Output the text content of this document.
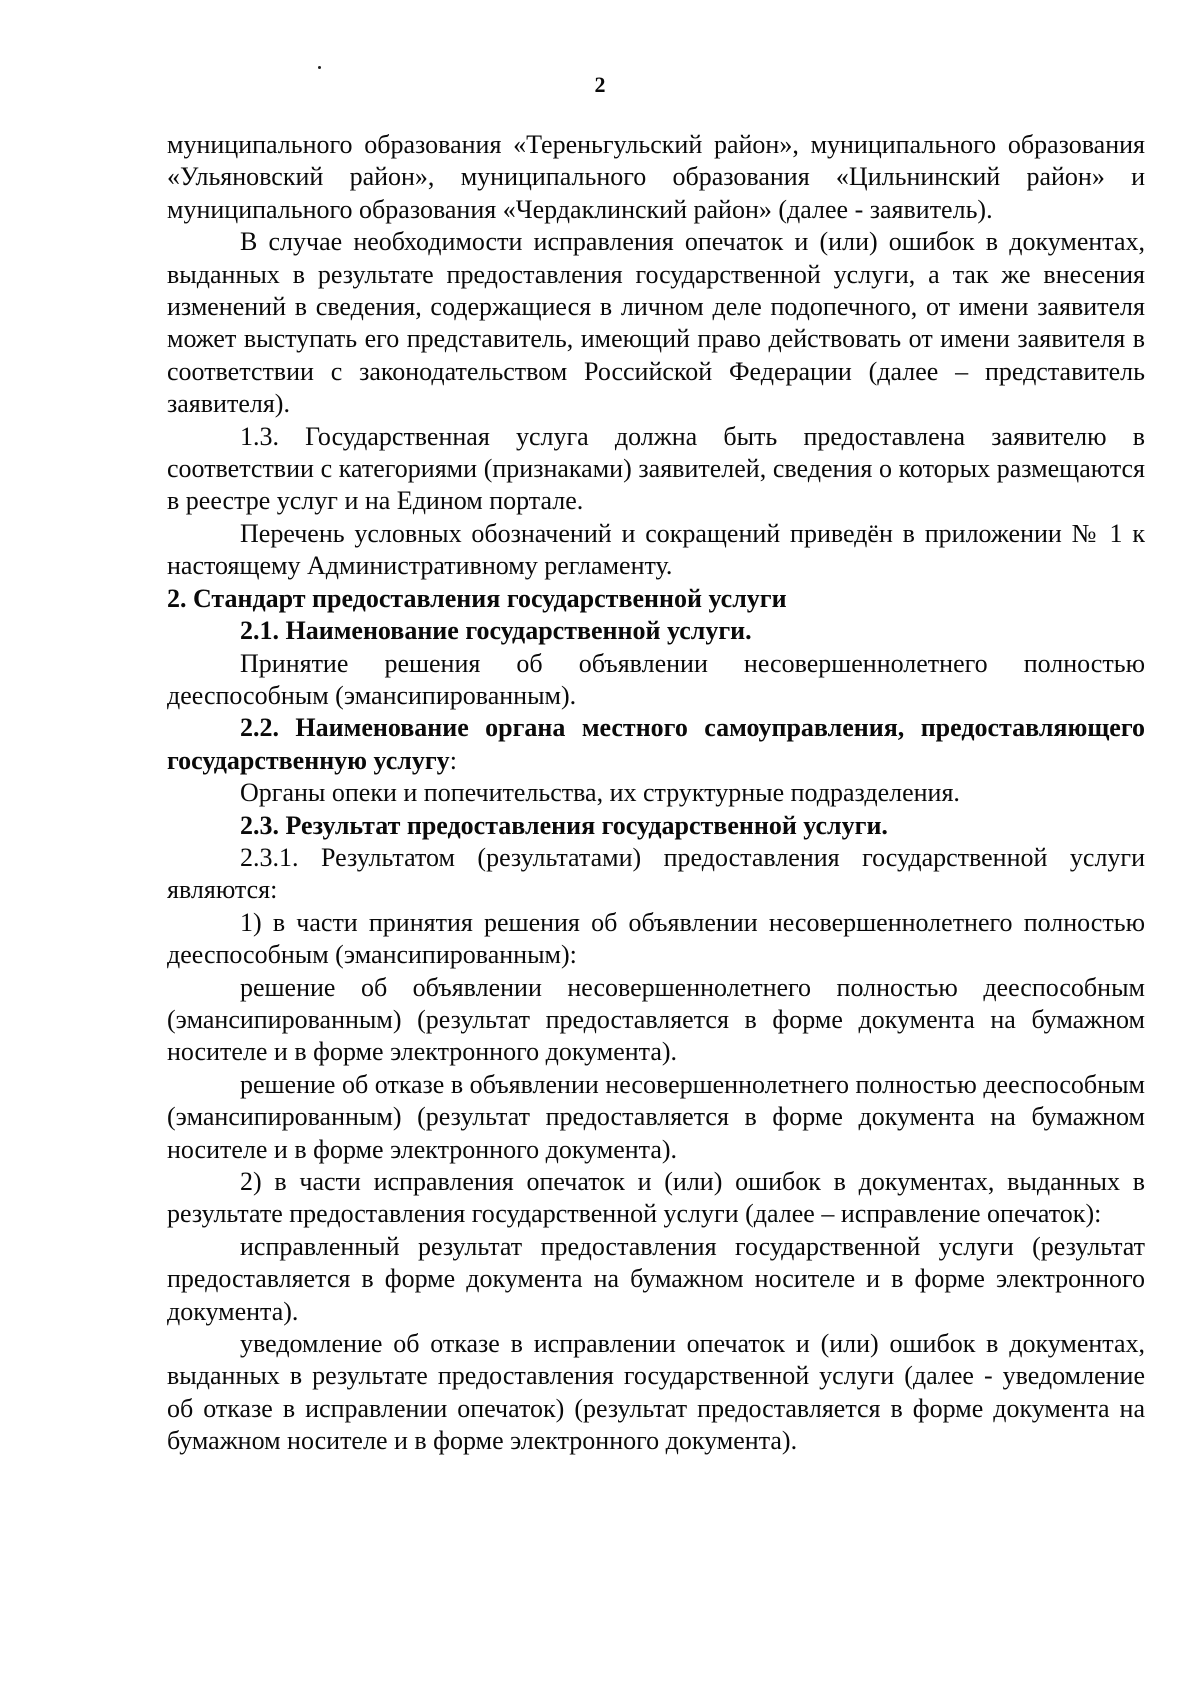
2

муниципального образования «Тереньгульский район», муниципального образования «Ульяновский район», муниципального образования «Цильнинский район» и муниципального образования «Чердаклинский район» (далее - заявитель).

В случае необходимости исправления опечаток и (или) ошибок в документах, выданных в результате предоставления государственной услуги, а так же внесения изменений в сведения, содержащиеся в личном деле подопечного, от имени заявителя может выступать его представитель, имеющий право действовать от имени заявителя в соответствии с законодательством Российской Федерации (далее – представитель заявителя).

1.3. Государственная услуга должна быть предоставлена заявителю в соответствии с категориями (признаками) заявителей, сведения о которых размещаются в реестре услуг и на Едином портале.

Перечень условных обозначений и сокращений приведён в приложении № 1 к настоящему Административному регламенту.

2. Стандарт предоставления государственной услуги

2.1. Наименование государственной услуги.

Принятие решения об объявлении несовершеннолетнего полностью дееспособным (эмансипированным).

2.2. Наименование органа местного самоуправления, предоставляющего государственную услугу:

Органы опеки и попечительства, их структурные подразделения.

2.3. Результат предоставления государственной услуги.

2.3.1. Результатом (результатами) предоставления государственной услуги являются:

1) в части принятия решения об объявлении несовершеннолетнего полностью дееспособным (эмансипированным):

решение об объявлении несовершеннолетнего полностью дееспособным (эмансипированным) (результат предоставляется в форме документа на бумажном носителе и в форме электронного документа).

решение об отказе в объявлении несовершеннолетнего полностью дееспособным (эмансипированным) (результат предоставляется в форме документа на бумажном носителе и в форме электронного документа).

2) в части исправления опечаток и (или) ошибок в документах, выданных в результате предоставления государственной услуги (далее – исправление опечаток):

исправленный результат предоставления государственной услуги (результат предоставляется в форме документа на бумажном носителе и в форме электронного документа).

уведомление об отказе в исправлении опечаток и (или) ошибок в документах, выданных в результате предоставления государственной услуги (далее - уведомление об отказе в исправлении опечаток) (результат предоставляется в форме документа на бумажном носителе и в форме электронного документа).
